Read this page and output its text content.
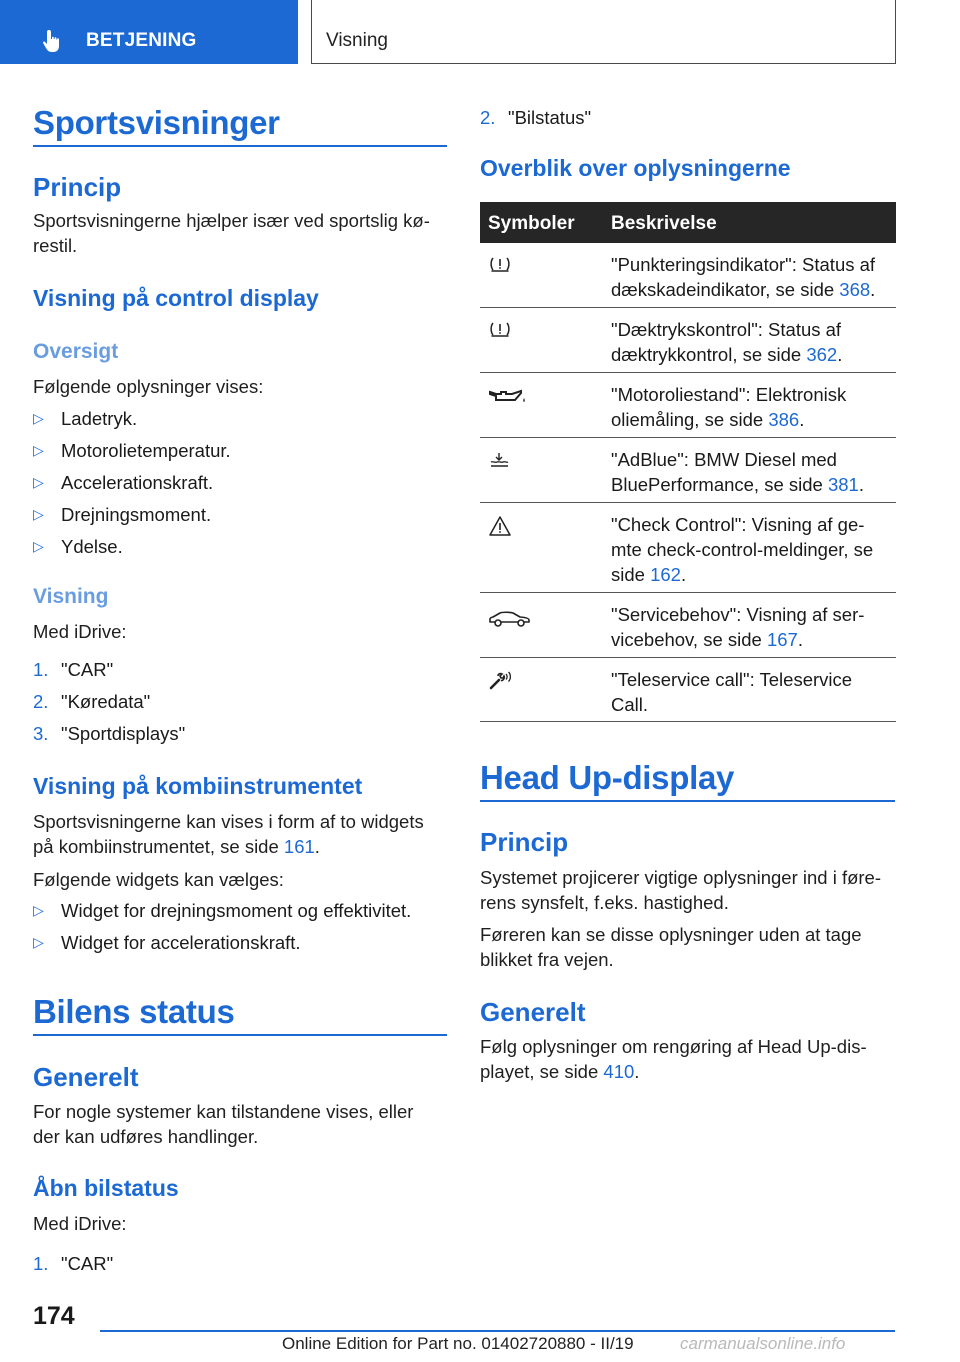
BETJENING	Visning
Sportsvisninger
Princip
Sportsvisningerne hjælper især ved sportslig kø-
restil.
Visning på control display
Oversigt
Følgende oplysninger vises:
▷ Ladetryk.
▷ Motorolietemperatur.
▷ Accelerationskraft.
▷ Drejningsmoment.
▷ Ydelse.
Visning
Med iDrive:
1. "CAR"
2. "Køredata"
3. "Sportdisplays"
Visning på kombiinstrumentet
Sportsvisningerne kan vises i form af to widgets
på kombiinstrumentet, se side 161.
Følgende widgets kan vælges:
▷ Widget for drejningsmoment og effektivitet.
▷ Widget for accelerationskraft.
Bilens status
Generelt
For nogle systemer kan tilstandene vises, eller
der kan udføres handlinger.
Åbn bilstatus
Med iDrive:
1. "CAR"
2. "Bilstatus"
Overblik over oplysningerne
Symboler Beskrivelse
"Punkteringsindikator": Status af
dækskadeindikator, se side 368.
"Dæktrykskontrol": Status af
dæktrykkontrol, se side 362.
"Motoroliestand": Elektronisk
oliemåling, se side 386.
"AdBlue": BMW Diesel med
BluePerformance, se side 381.
"Check Control": Visning af ge-
mte check-control-meldinger, se
side 162.
"Servicebehov": Visning af ser-
vicebehov, se side 167.
"Teleservice call": Teleservice
Call.
Head Up-display
Princip
Systemet projicerer vigtige oplysninger ind i føre-
rens synsfelt, f.eks. hastighed.
Føreren kan se disse oplysninger uden at tage
blikket fra vejen.
Generelt
Følg oplysninger om rengøring af Head Up-dis-
playet, se side 410.
174
Online Edition for Part no. 01402720880 - II/19	carmanualsonline.info
